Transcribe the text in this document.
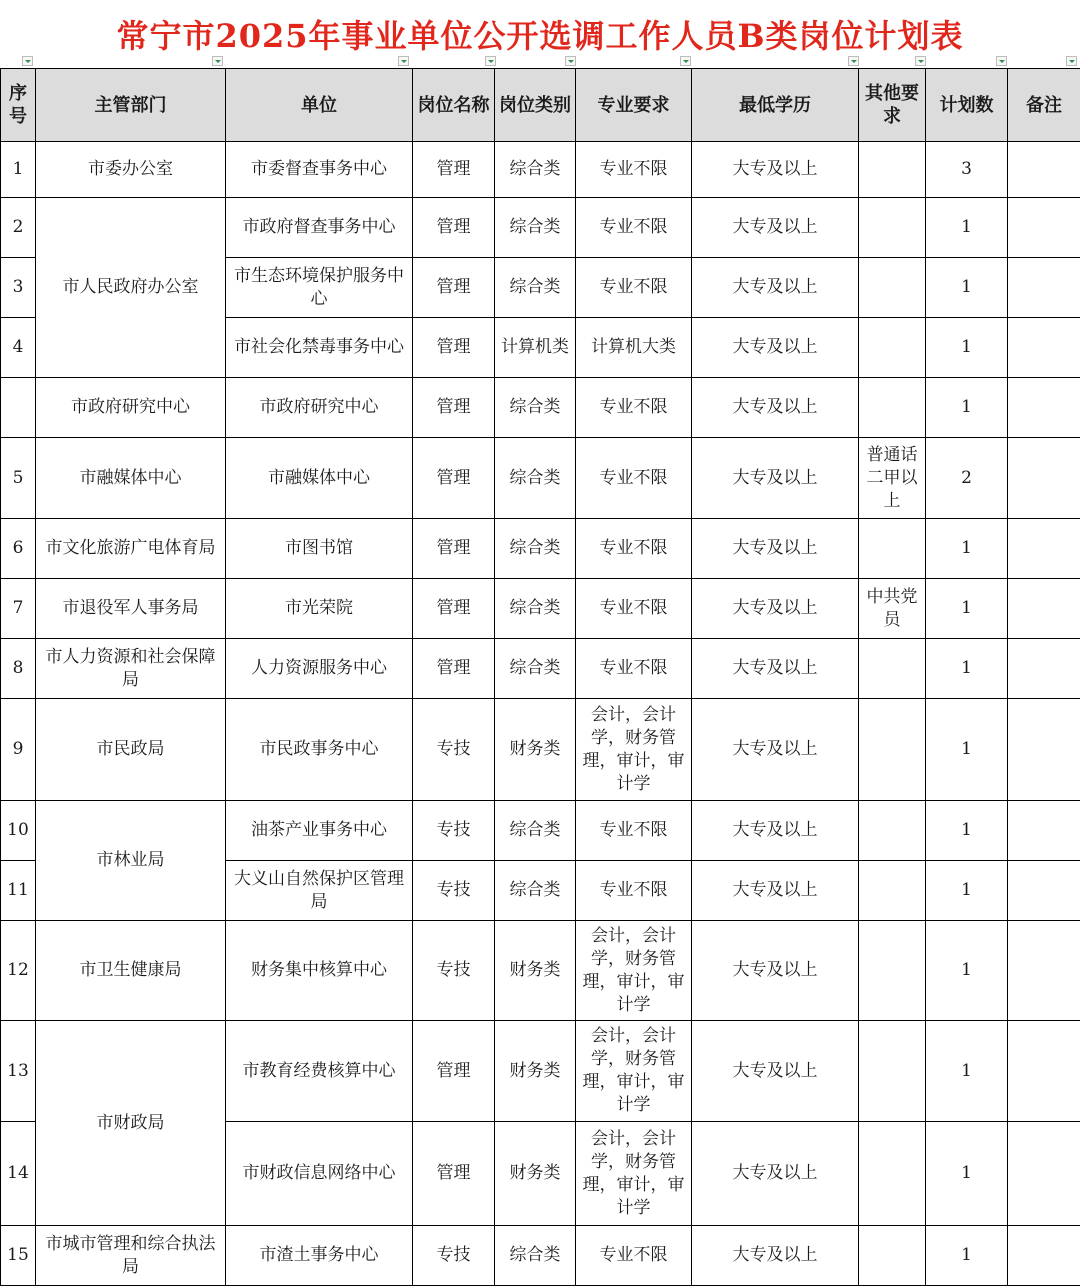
常宁市2025年事业单位公开选调工作人员B类岗位计划表
序号	主管部门	单位	岗位名称	岗位类别	专业要求	最低学历	其他要求	计划数	备注
1	市委办公室	市委督查事务中心	管理	综合类	专业不限	大专及以上		3	
2	市人民政府办公室	市政府督查事务中心	管理	综合类	专业不限	大专及以上		1	
3		市生态环境保护服务中心	管理	综合类	专业不限	大专及以上		1	
4		市社会化禁毒事务中心	管理	计算机类	计算机大类	大专及以上		1	
	市政府研究中心	市政府研究中心	管理	综合类	专业不限	大专及以上		1	
5	市融媒体中心	市融媒体中心	管理	综合类	专业不限	大专及以上	普通话二甲以上	2	
6	市文化旅游广电体育局	市图书馆	管理	综合类	专业不限	大专及以上		1	
7	市退役军人事务局	市光荣院	管理	综合类	专业不限	大专及以上	中共党员	1	
8	市人力资源和社会保障局	人力资源服务中心	管理	综合类	专业不限	大专及以上		1	
9	市民政局	市民政事务中心	专技	财务类	会计，会计学，财务管理，审计，审计学	大专及以上		1	
10	市林业局	油茶产业事务中心	专技	综合类	专业不限	大专及以上		1	
11		大义山自然保护区管理局	专技	综合类	专业不限	大专及以上		1	
12	市卫生健康局	财务集中核算中心	专技	财务类	会计，会计学，财务管理，审计，审计学	大专及以上		1	
13	市财政局	市教育经费核算中心	管理	财务类	会计，会计学，财务管理，审计，审计学	大专及以上		1	
14		市财政信息网络中心	管理	财务类	会计，会计学，财务管理，审计，审计学	大专及以上		1	
15	市城市管理和综合执法局	市渣土事务中心	专技	综合类	专业不限	大专及以上		1	
